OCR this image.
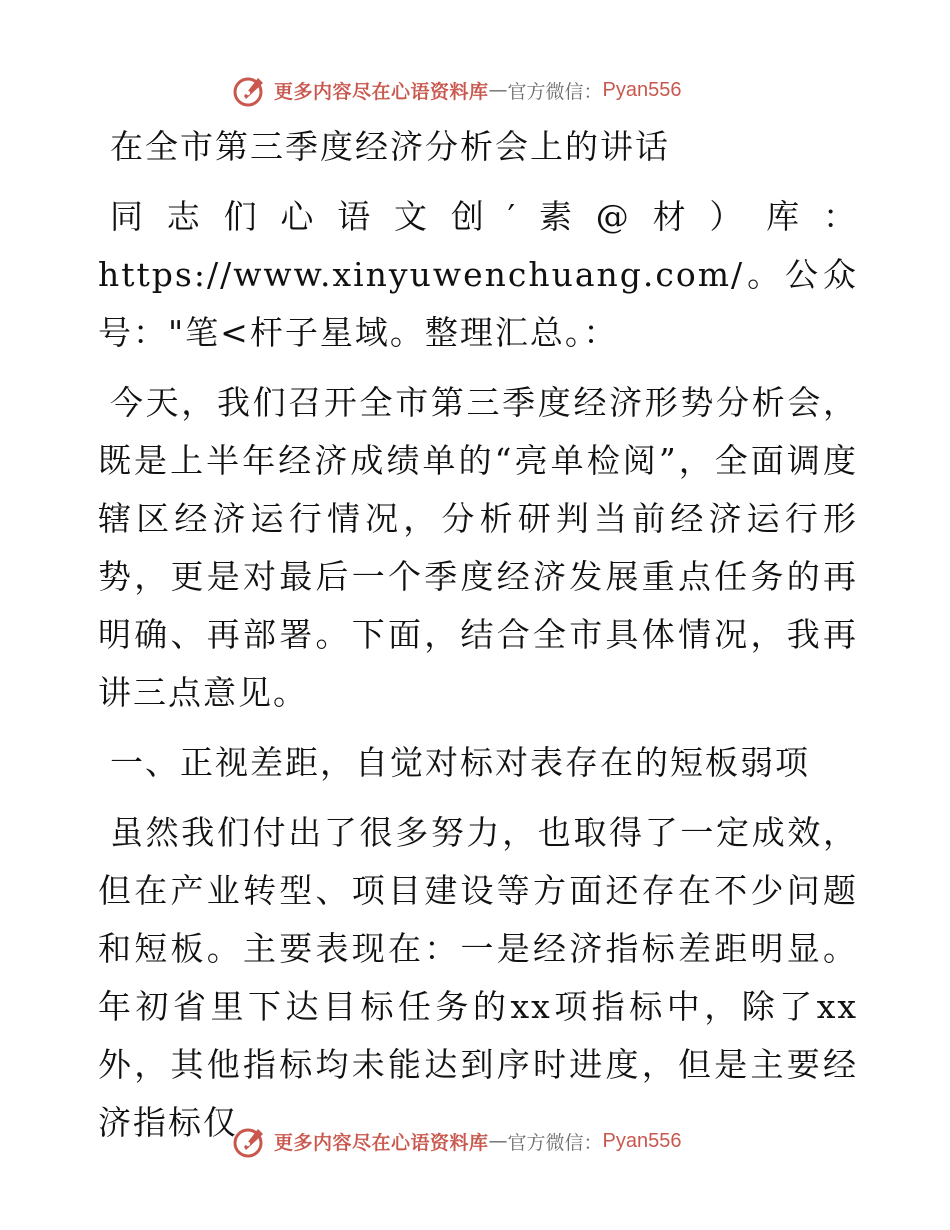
更多内容尽在心语资料库 — 官方微信： Pyan556

在全市第三季度经济分析会上的讲话

同志们心语文创′素@材）库：https://www.xinyuwenchuang.com/。公众号："笔<杆子星域。整理汇总。：

今天，我们召开全市第三季度经济形势分析会，既是上半年经济成绩单的“亮单检阅”，全面调度辖区经济运行情况，分析研判当前经济运行形势，更是对最后一个季度经济发展重点任务的再明确、再部署。下面，结合全市具体情况，我再讲三点意见。

一、正视差距，自觉对标对表存在的短板弱项

虽然我们付出了很多努力，也取得了一定成效，但在产业转型、项目建设等方面还存在不少问题和短板。主要表现在：一是经济指标差距明显。年初省里下达目标任务的xx项指标中，除了xx外，其他指标均未能达到序时进度，但是主要经济指标仅

更多内容尽在心语资料库 — 官方微信： Pyan556
